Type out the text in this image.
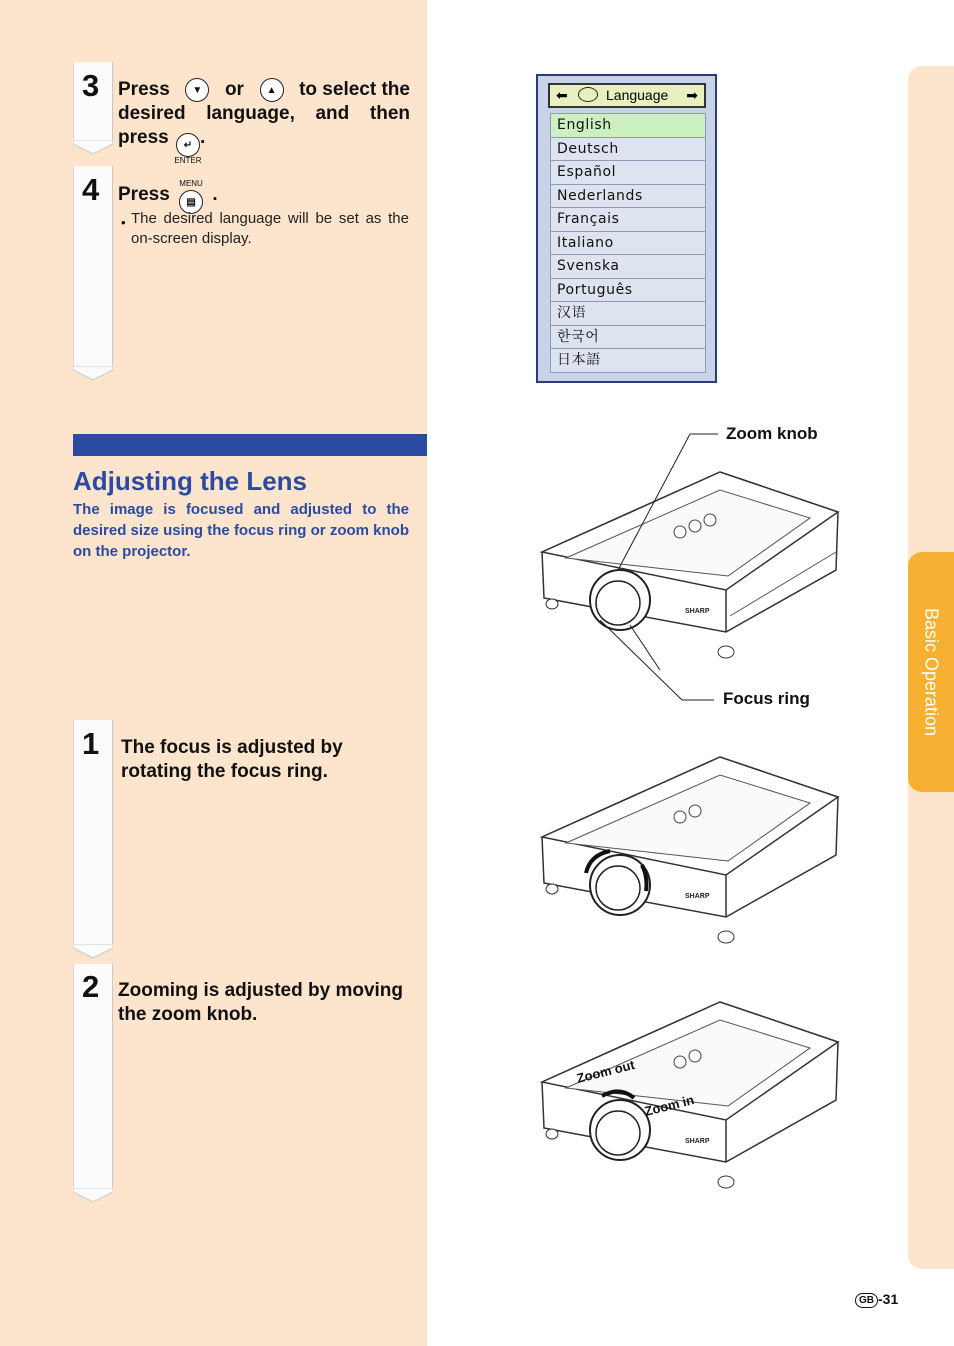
3 Press	▼	or	▲	to select the
desired language, and then
press ↵
ENTER
.
4 Press ▤
MENU
.
• The desired language will be set as the on-screen display.
Adjusting the Lens
The image is focused and adjusted to the desired size using the focus ring or zoom knob on the projector.
1 The focus is adjusted by rotating the focus ring.
2 Zooming is adjusted by moving the zoom knob.
⬅	Language ➡
English
Deutsch
Español
Nederlands
Français
Italiano
Svenska
Português
汉语
한국어
日本語
SHARP
Zoom knob
Focus ring
SHARP
SHARP
Zoom out
Zoom in
Basic Operation
GB -31
